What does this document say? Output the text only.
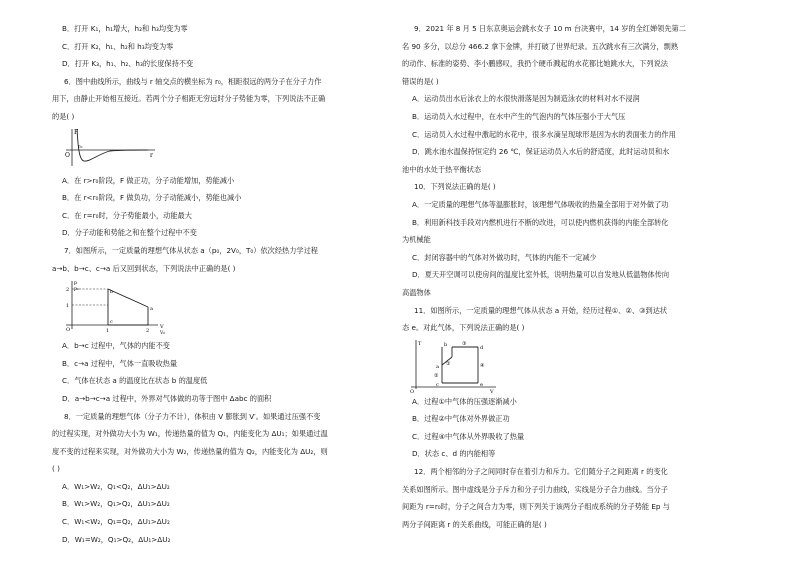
B．打开 K₁，h₁增大，h₂和 h₃均变为零

C．打开 K₂，h₁、h₂和 h₃均变为零

D．打开 K₃，h₁、h₂、h₃的长度保持不变

6．图中曲线所示，曲线与 r 轴交点的横坐标为 r₀，相距很远的两分子在分子力作

用下，由静止开始相互接近。若两个分子相距无穷远时分子势能为零，下列说法不正确

的是( )

F
r
O
r₀

A．在 r>r₀阶段，F 做正功，分子动能增加，势能减小

B．在 r<r₀阶段，F 做负功，分子动能减小，势能也减小

C．在 r=r₀时，分子势能最小，动能最大

D．分子动能和势能之和在整个过程中不变

7．如图所示，一定质量的理想气体从状态 a（p₀，2V₀，T₀）依次经热力学过程

a→b、b→c、c→a 后又回到状态，下列说法中正确的是( )

p
p₀
2
1
b
a
c
O	1	2
V
V₀

A．b→c 过程中，气体的内能不变

B．c→a 过程中，气体一直吸收热量

C．气体在状态 a 的温度比在状态 b 的温度低

D．a→b→c→a 过程中，外界对气体做的功等于图中 Δabc 的面积

8．一定质量的理想气体（分子力不计），体积由 V 膨胀到 V′。如果通过压强不变

的过程实现，对外做功大小为 W₁，传递热量的值为 Q₁，内能变化为 ΔU₁；如果通过温

度不变的过程来实现，对外做功大小为 W₂，传递热量的值为 Q₂，内能变化为 ΔU₂，则

( )

A．W₁>W₂，Q₁<Q₂，ΔU₁>ΔU₂

B．W₁>W₂，Q₁>Q₂，ΔU₁>ΔU₂

C．W₁<W₂，Q₁=Q₂，ΔU₁>ΔU₂

D．W₁=W₂，Q₁>Q₂，ΔU₁>ΔU₂

9．2021 年 8 月 5 日东京奥运会跳水女子 10 m 台决赛中，14 岁的全红婵领先第二

名 90 多分，以总分 466.2 拿下金牌，并打破了世界纪录。五次跳水有三次满分，剽熟

的动作、标准的姿势、李小鹏感叹，我扔个硬币溅起的水花都比她跳水大，下列说法

错误的是( )

A．运动员出水后泳衣上的水很快滑落是因为制造泳衣的材料对水不浸润

B．运动员入水过程中，在水中产生的气泡内的气体压强小于大气压

C．运动员入水过程中激起的水花中，很多水滴呈现球形是因为水的表面张力的作用

D．跳水池水温保持恒定约 26 ℃，保证运动员入水后的舒适度，此时运动员和水

池中的水处于热平衡状态

10．下列说法正确的是( )

A．一定质量的理想气体等温膨胀时，该理想气体吸收的热量全部用于对外做了功

B．利用新科技手段对内燃机进行不断的改进，可以使内燃机获得的内能全部转化

为机械能

C．封闭容器中的气体对外做功时，气体的内能不一定减少

D．夏天开空调可以使房间的温度比室外低，说明热量可以自发地从低温物体传向

高温物体

11．如图所示，一定质量的理想气体从状态 a 开始，经历过程①、②、③到达状

态 e。对此气体，下列说法正确的是( )

T
V
O
b
a
d
c	e
①
③
②
④

A．过程①中气体的压强逐渐减小

B．过程②中气体对外界做正功

C．过程④中气体从外界吸收了热量

D．状态 c、d 的内能相等

12．两个相邻的分子之间同时存在着引力和斥力。它们随分子之间距离 r 的变化

关系如图所示。图中虚线是分子斥力和分子引力曲线，实线是分子合力曲线。当分子

间距为 r=r₀时，分子之间合力为零，则下列关于该两分子组成系统的分子势能 Ep 与

两分子间距离 r 的关系曲线，可能正确的是( )
